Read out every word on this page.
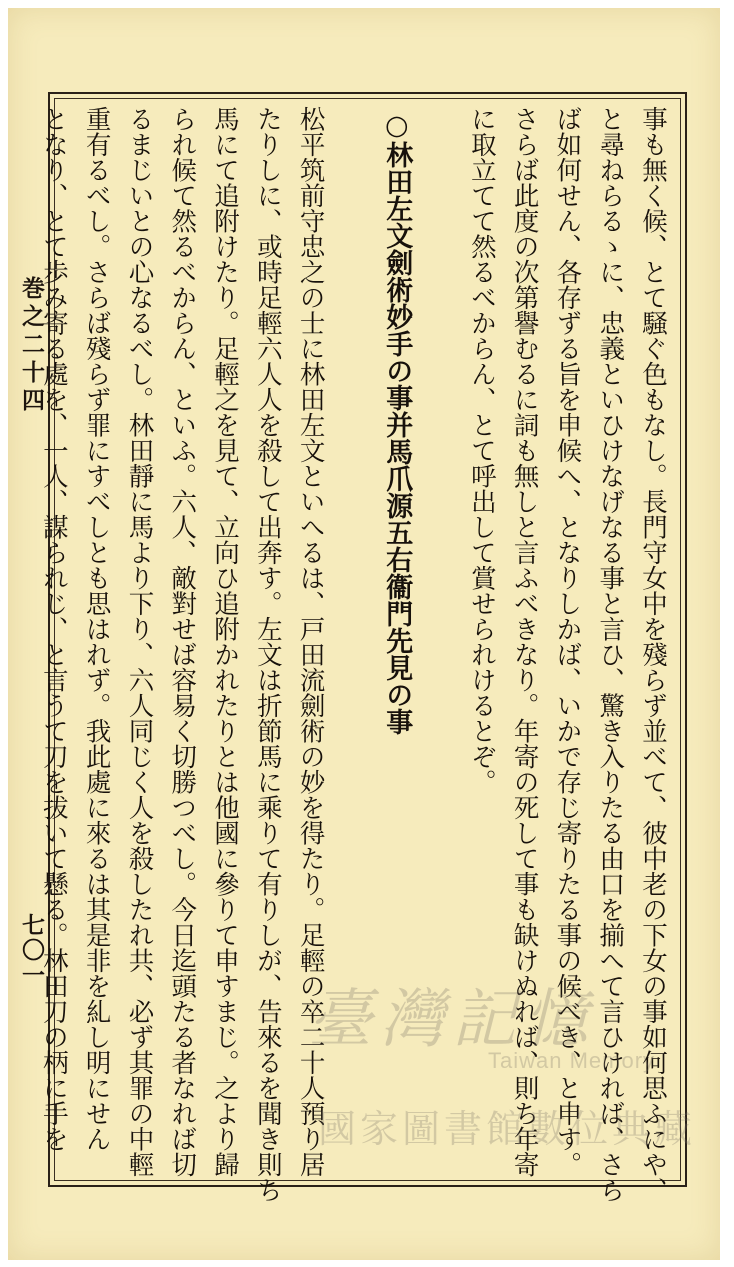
巻之二十四
七〇一	事も無く候、とて騒ぐ色もなし。長門守女中を殘らず並べて、彼中老の下女の事如何思ふにや、
と尋ねらるゝに、忠義といひけなげなる事と言ひ、驚き入りたる由口を揃へて言ひければ、さら
ば如何せん、各存ずる旨を申候へ、となりしかば、いかで存じ寄りたる事の候べき、と申す。
さらば此度の次第譽むるに詞も無しと言ふべきなり。年寄の死して事も缺けぬれば、則ち年寄
に取立てて然るべからん、とて呼出して賞せられけるとぞ。

○林田左文劍術妙手の事并馬爪源五右衞門先見の事

松平筑前守忠之の士に林田左文といへるは、戸田流劍術の妙を得たり。足輕の卒二十人預り居
たりしに、或時足輕六人人を殺して出奔す。左文は折節馬に乘りて有りしが、告來るを聞き則ち
馬にて追附けたり。足輕之を見て、立向ひ追附かれたりとは他國に參りて申すまじ。之より歸
られ候て然るべからん、といふ。六人、敵對せば容易く切勝つべし。今日迄頭たる者なれば切
るまじいとの心なるべし。林田靜に馬より下り、六人同じく人を殺したれ共、必ず其罪の中輕
重有るべし。さらば殘らず罪にすべしとも思はれず。我此處に來るは其是非を糺し明にせん
となり、とて歩み寄る處を、一人、謀られじ、と言うて刀を拔いて懸る。林田刀の柄に手を	臺灣記憶
Taiwan Memory
國家圖書館數位典藏
